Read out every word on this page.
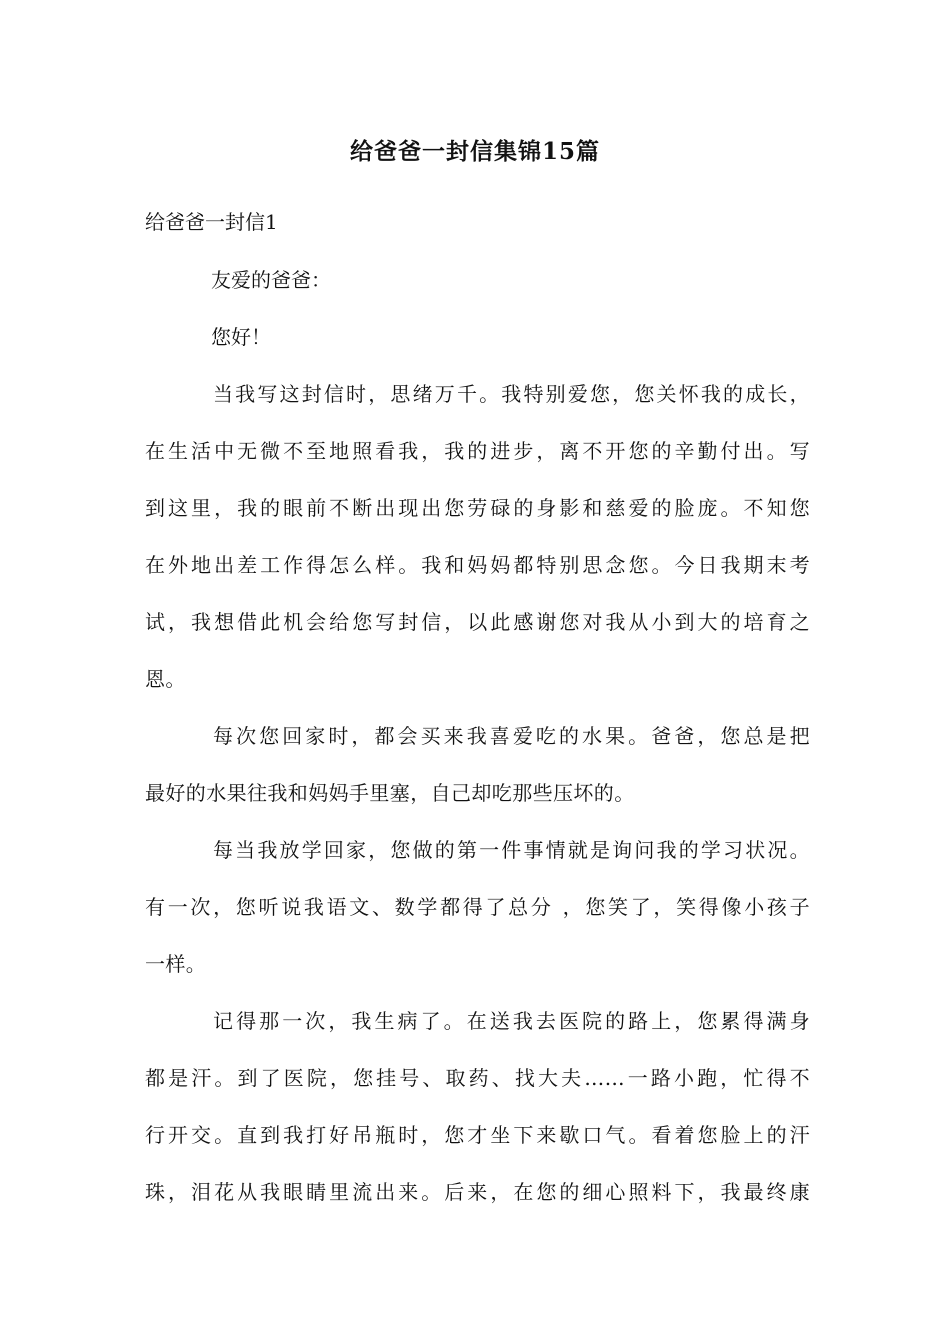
给爸爸一封信集锦15篇
给爸爸一封信1
友爱的爸爸：
您好！
当我写这封信时，思绪万千。我特别爱您，您关怀我的成长，
在生活中无微不至地照看我，我的进步，离不开您的辛勤付出。写
到这里，我的眼前不断出现出您劳碌的身影和慈爱的脸庞。不知您
在外地出差工作得怎么样。我和妈妈都特别思念您。今日我期末考
试，我想借此机会给您写封信，以此感谢您对我从小到大的培育之
恩。
每次您回家时，都会买来我喜爱吃的水果。爸爸，您总是把
最好的水果往我和妈妈手里塞，自己却吃那些压坏的。
每当我放学回家，您做的第一件事情就是询问我的学习状况。
有一次，您听说我语文、数学都得了总分 ，您笑了，笑得像小孩子
一样。
记得那一次，我生病了。在送我去医院的路上，您累得满身
都是汗。到了医院，您挂号、取药、找大夫……一路小跑，忙得不
行开交。直到我打好吊瓶时，您才坐下来歇口气。看着您脸上的汗
珠，泪花从我眼睛里流出来。后来，在您的细心照料下，我最终康
